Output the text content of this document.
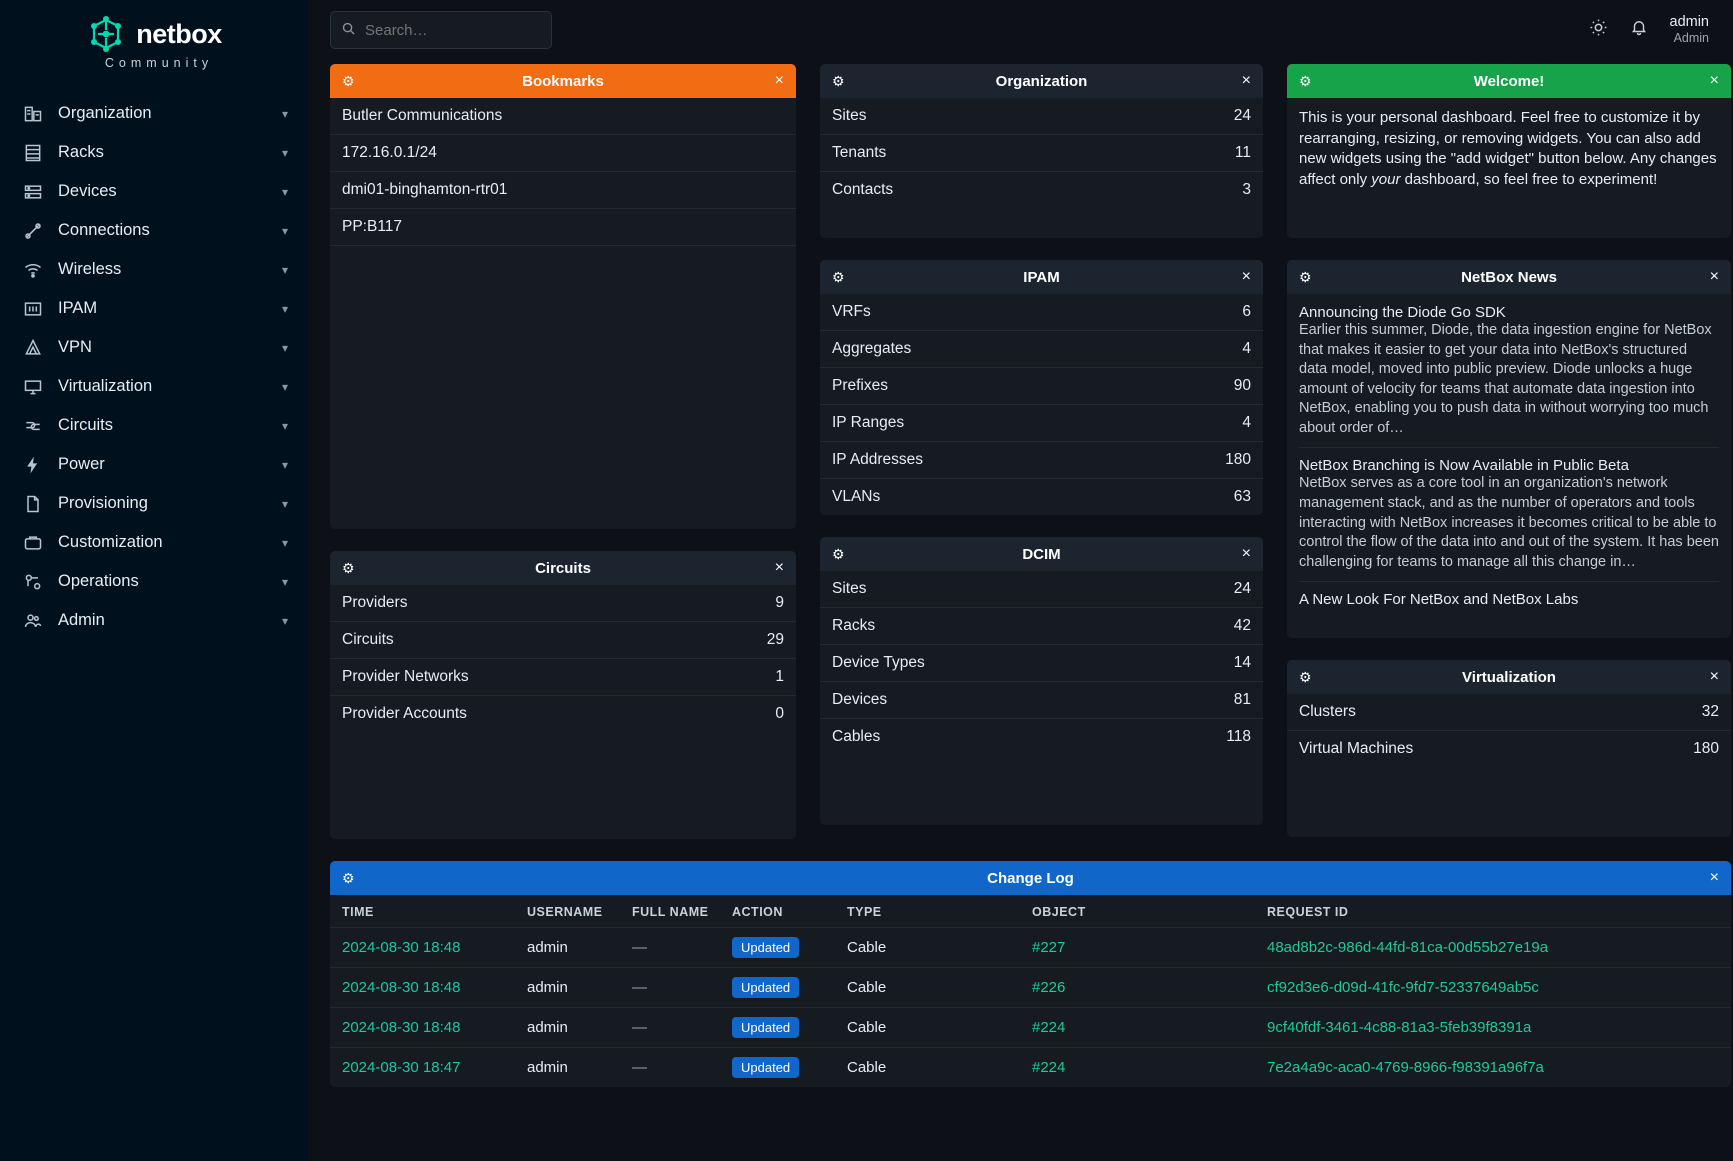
netbox
Community
Organization	▾
Racks	▾
Devices	▾
Connections	▾
Wireless	▾
IPAM	▾
VPN	▾
Virtualization	▾
Circuits	▾
Power	▾
Provisioning	▾
Customization	▾
Operations	▾
Admin	▾
Search…
admin
Admin
⚙	Bookmarks	×
Butler Communications
172.16.0.1/24
dmi01-binghamton-rtr01
PP:B117
⚙	Circuits	×
Providers	9
Circuits	29
Provider Networks	1
Provider Accounts	0
⚙	Organization	×
Sites	24
Tenants	11
Contacts	3
⚙	IPAM	×
VRFs	6
Aggregates	4
Prefixes	90
IP Ranges	4
IP Addresses	180
VLANs	63
⚙	DCIM	×
Sites	24
Racks	42
Device Types	14
Devices	81
Cables	118
⚙	Welcome!	×
This is your personal dashboard. Feel free to customize it by rearranging, resizing, or removing widgets. You can also add new widgets using the "add widget" button below. Any changes affect only your dashboard, so feel free to experiment!
⚙	NetBox News	×
Announcing the Diode Go SDK
Earlier this summer, Diode, the data ingestion engine for NetBox that makes it easier to get your data into NetBox's structured data model, moved into public preview. Diode unlocks a huge amount of velocity for teams that automate data ingestion into NetBox, enabling you to push data in without worrying too much about order of…
NetBox Branching is Now Available in Public Beta
NetBox serves as a core tool in an organization's network management stack, and as the number of operators and tools interacting with NetBox increases it becomes critical to be able to control the flow of the data into and out of the system. It has been challenging for teams to manage all this change in…
A New Look For NetBox and NetBox Labs
⚙	Virtualization	×
Clusters	32
Virtual Machines	180
⚙	Change Log	×
TIME	USERNAME	FULL NAME	ACTION	TYPE	OBJECT	REQUEST ID
2024-08-30 18:48	admin	—	Updated	Cable	#227	48ad8b2c-986d-44fd-81ca-00d55b27e19a
2024-08-30 18:48	admin	—	Updated	Cable	#226	cf92d3e6-d09d-41fc-9fd7-52337649ab5c
2024-08-30 18:48	admin	—	Updated	Cable	#224	9cf40fdf-3461-4c88-81a3-5feb39f8391a
2024-08-30 18:47	admin	—	Updated	Cable	#224	7e2a4a9c-aca0-4769-8966-f98391a96f7a
